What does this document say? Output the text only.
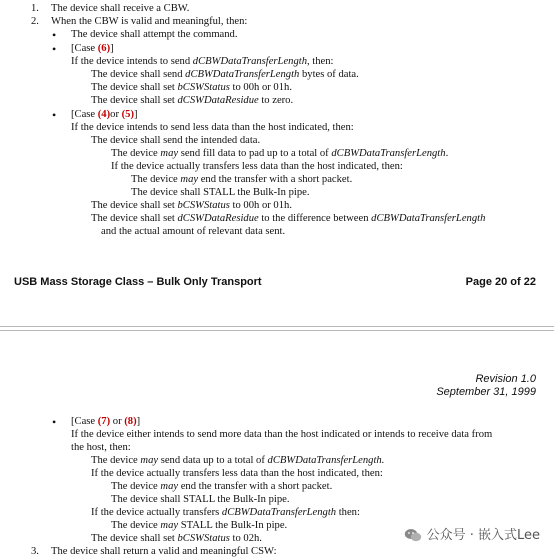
1. The device shall receive a CBW.
2. When the CBW is valid and meaningful, then:
• The device shall attempt the command.
• [Case (6)]
If the device intends to send dCBWDataTransferLength, then:
The device shall send dCBWDataTransferLength bytes of data.
The device shall set bCSWStatus to 00h or 01h.
The device shall set dCSWDataResidue to zero.
• [Case (4)or (5)]
If the device intends to send less data than the host indicated, then:
The device shall send the intended data.
The device may send fill data to pad up to a total of dCBWDataTransferLength.
If the device actually transfers less data than the host indicated, then:
The device may end the transfer with a short packet.
The device shall STALL the Bulk-In pipe.
The device shall set bCSWStatus to 00h or 01h.
The device shall set dCSWDataResidue to the difference between dCBWDataTransferLength
and the actual amount of relevant data sent.
USB Mass Storage Class – Bulk Only Transport	Page 20 of 22
Revision 1.0
September 31, 1999
• [Case (7) or (8)]
If the device either intends to send more data than the host indicated or intends to receive data from
the host, then:
The device may send data up to a total of dCBWDataTransferLength.
If the device actually transfers less data than the host indicated, then:
The device may end the transfer with a short packet.
The device shall STALL the Bulk-In pipe.
If the device actually transfers dCBWDataTransferLength then:
The device may STALL the Bulk-In pipe.
The device shall set bCSWStatus to 02h.
3. The device shall return a valid and meaningful CSW:
公众号 · 嵌入式Lee
